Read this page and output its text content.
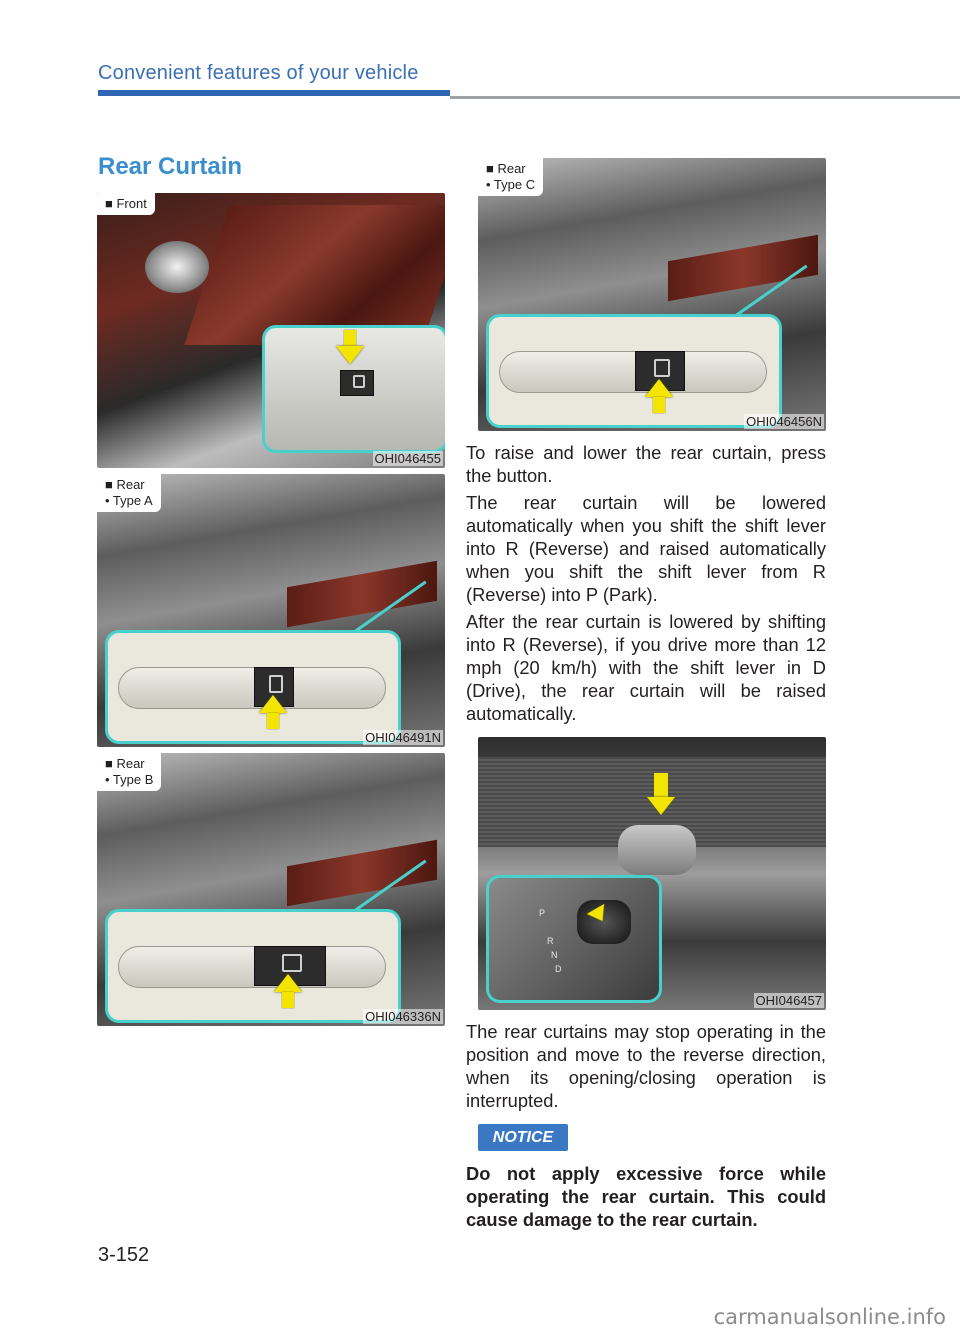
Convenient features of your vehicle
Rear Curtain
■ Front
OHI046455
■ Rear
• Type A
OHI046491N
■ Rear
• Type B
OHI046336N
■ Rear
• Type C
OHI046456N

To raise and lower the rear curtain, press the button.

The rear curtain will be lowered automatically when you shift the shift lever into R (Reverse) and raised automatically when you shift the shift lever from R (Reverse) into P (Park).

After the rear curtain is lowered by shifting into R (Reverse), if you drive more than 12 mph (20 km/h) with the shift lever in D (Drive), the rear curtain will be raised automatically.

P
R
N
D
OHI046457

The rear curtains may stop operating in the position and move to the reverse direction, when its opening/closing operation is interrupted.

NOTICE
Do not apply excessive force while operating the rear curtain. This could cause damage to the rear curtain.
3-152
carmanualsonline.info
